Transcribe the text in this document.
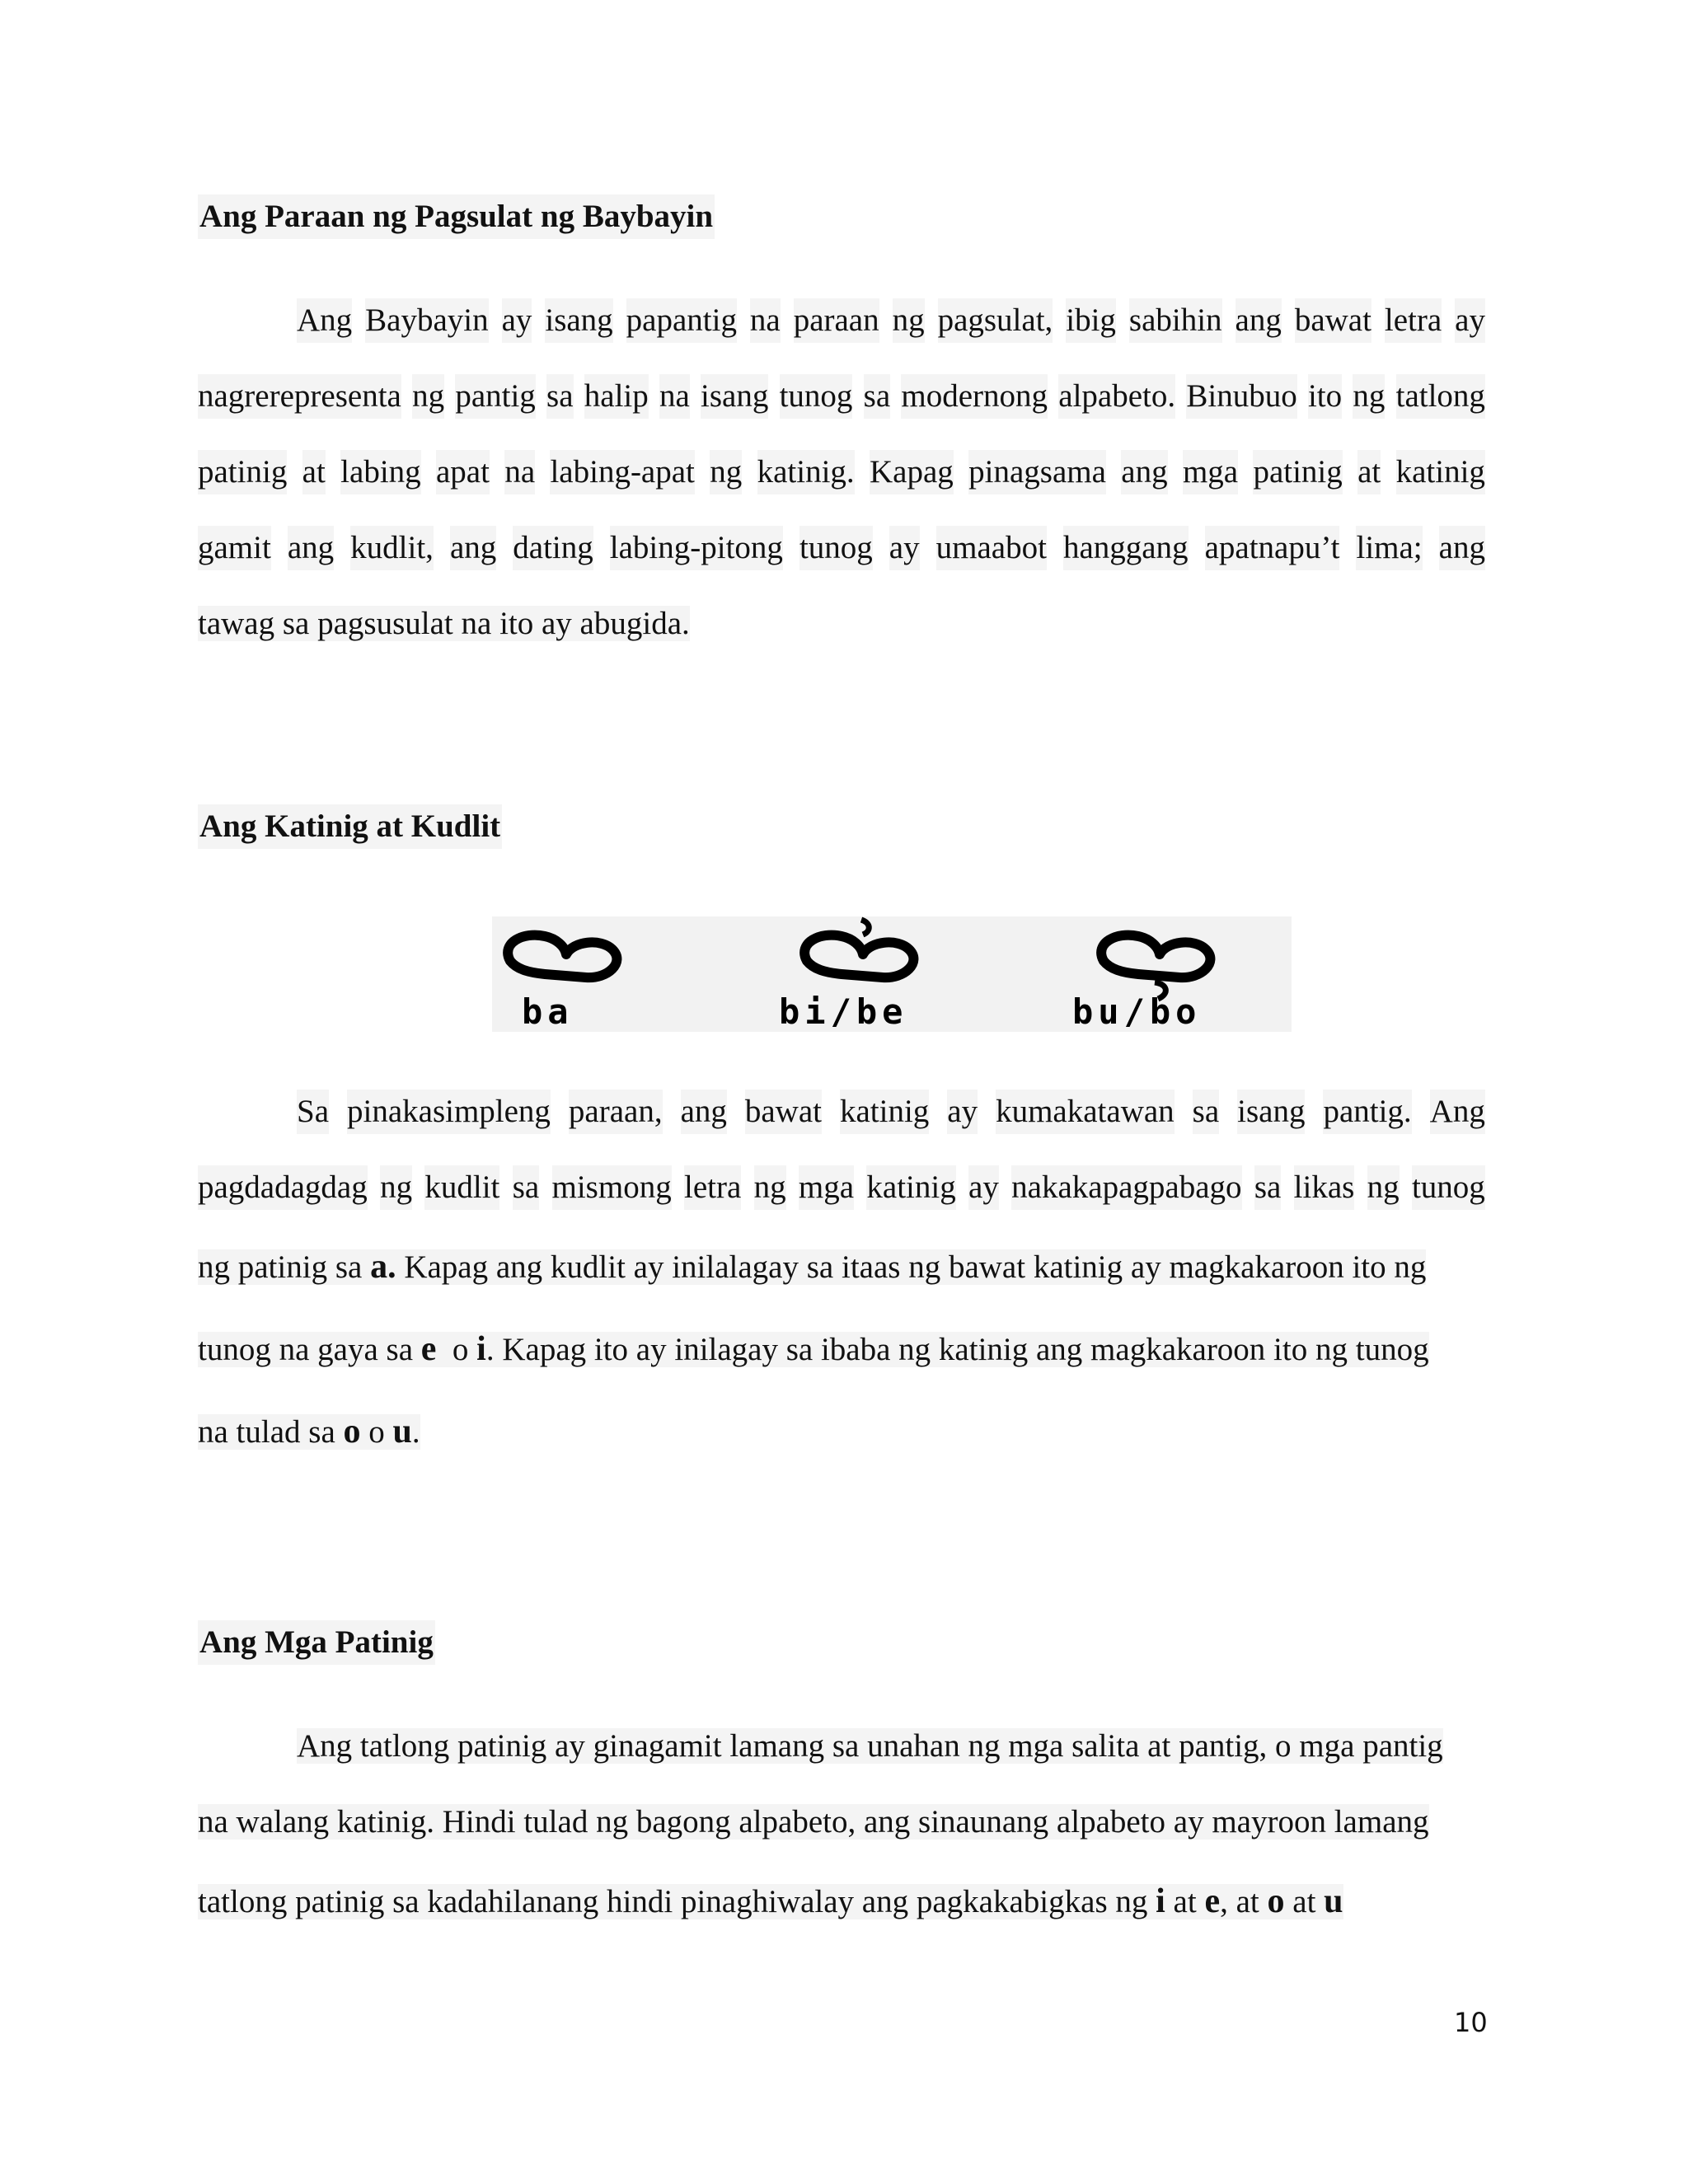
Ang Paraan ng Pagsulat ng Baybayin

Ang Baybayin ay isang papantig na paraan ng pagsulat, ibig sabihin ang bawat letra ay

nagrerepresenta ng pantig sa halip na isang tunog sa modernong alpabeto. Binubuo ito ng tatlong

patinig at labing apat na labing-apat ng katinig. Kapag pinagsama ang mga patinig at katinig

gamit ang kudlit, ang dating labing-pitong tunog ay umaabot hanggang apatnapu’t lima; ang

tawag sa pagsusulat na ito ay abugida.

Ang Katinig at Kudlit

ba	bi/be	bu/bo

Sa pinakasimpleng paraan, ang bawat katinig ay kumakatawan sa isang pantig. Ang

pagdadagdag ng kudlit sa mismong letra ng mga katinig ay nakakapagpabago sa likas ng tunog

ng patinig sa a. Kapag ang kudlit ay inilalagay sa itaas ng bawat katinig ay magkakaroon ito ng

tunog na gaya sa e  o i. Kapag ito ay inilagay sa ibaba ng katinig ang magkakaroon ito ng tunog

na tulad sa o o u.

Ang Mga Patinig

Ang tatlong patinig ay ginagamit lamang sa unahan ng mga salita at pantig, o mga pantig

na walang katinig. Hindi tulad ng bagong alpabeto, ang sinaunang alpabeto ay mayroon lamang

tatlong patinig sa kadahilanang hindi pinaghiwalay ang pagkakabigkas ng i at e, at o at u

10
